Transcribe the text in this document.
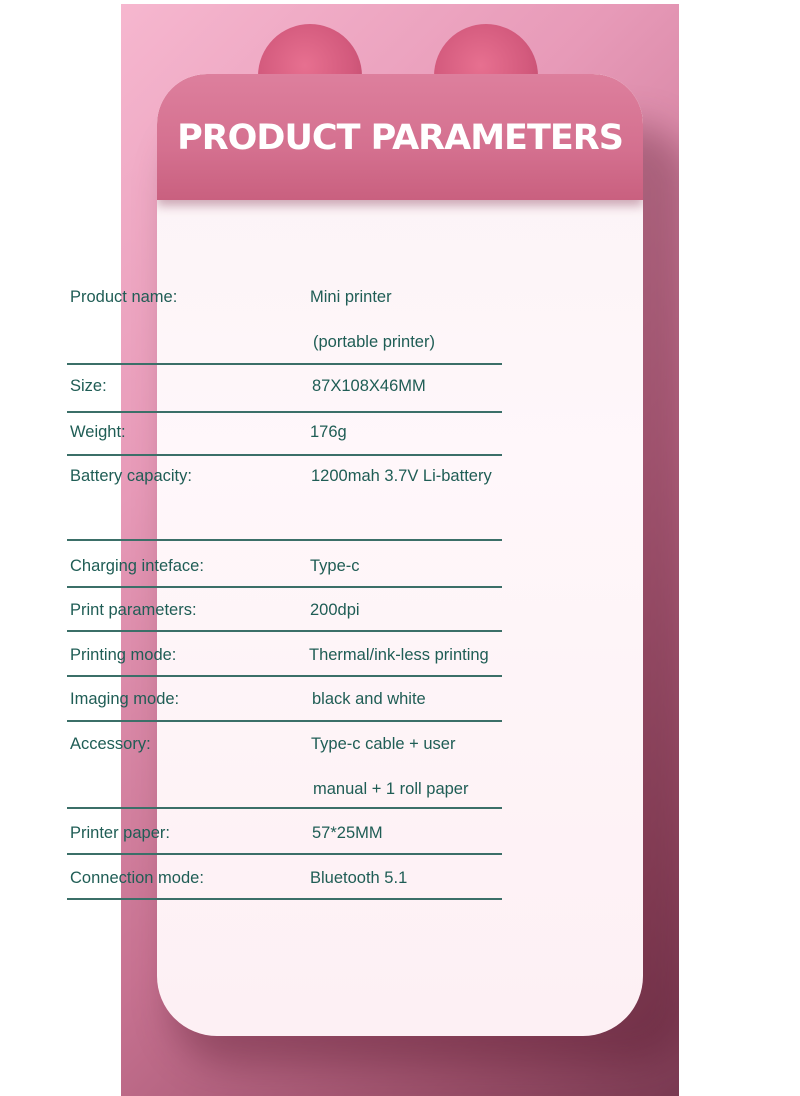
PRODUCT PARAMETERS
Product name:	Mini printer
(portable printer)
Size:	87X108X46MM
Weight:	176g
Battery capacity:	1200mah 3.7V Li-battery
Charging inteface:	Type-c
Print parameters:	200dpi
Printing mode:	Thermal/ink-less printing
Imaging mode:	black and white
Accessory:	Type-c cable + user
manual + 1 roll paper
Printer paper:	57*25MM
Connection mode:	Bluetooth 5.1
